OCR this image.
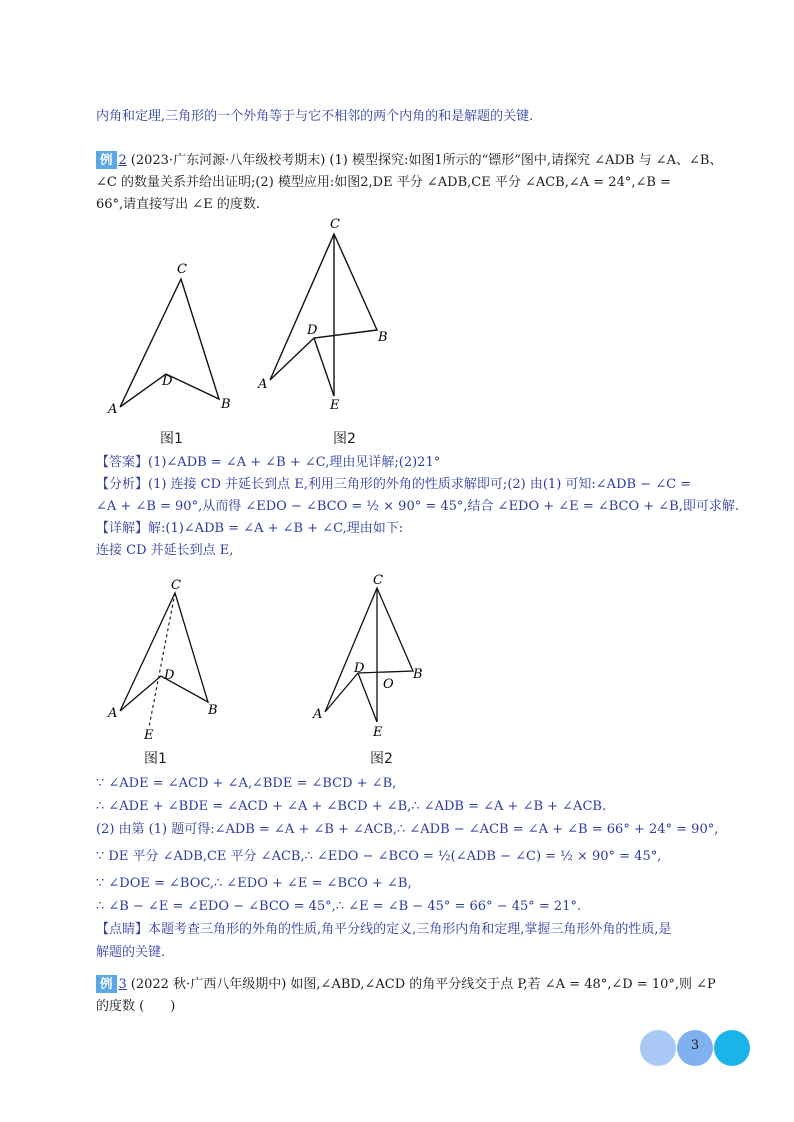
内角和定理,三角形的一个外角等于与它不相邻的两个内角的和是解题的关键.
例 2 (2023·广东河源·八年级校考期末) (1) 模型探究:如图1所示的“镖形”图中,请探究 ∠ADB 与 ∠A、∠B、
∠C 的数量关系并给出证明;(2) 模型应用:如图2,DE 平分 ∠ADB,CE 平分 ∠ACB,∠A = 24°,∠B =
66°,请直接写出 ∠E 的度数.
C
D
A	B
图1
C
D	B
A
E
图2
【答案】(1)∠ADB = ∠A + ∠B + ∠C,理由见详解;(2)21°
【分析】(1) 连接 CD 并延长到点 E,利用三角形的外角的性质求解即可;(2) 由(1) 可知:∠ADB − ∠C =
∠A + ∠B = 90°,从而得 ∠EDO − ∠BCO = ½ × 90° = 45°,结合 ∠EDO + ∠E = ∠BCO + ∠B,即可求解.
【详解】解:(1)∠ADB = ∠A + ∠B + ∠C,理由如下:
连接 CD 并延长到点 E,
C
D
A	B
E
图1
C
D
O
B
A
E
图2
∵ ∠ADE = ∠ACD + ∠A,∠BDE = ∠BCD + ∠B,
∴ ∠ADE + ∠BDE = ∠ACD + ∠A + ∠BCD + ∠B,∴ ∠ADB = ∠A + ∠B + ∠ACB.
(2) 由第 (1) 题可得:∠ADB = ∠A + ∠B + ∠ACB,∴ ∠ADB − ∠ACB = ∠A + ∠B = 66° + 24° = 90°,
∵ DE 平分 ∠ADB,CE 平分 ∠ACB,∴ ∠EDO − ∠BCO = ½(∠ADB − ∠C) = ½ × 90° = 45°,
∵ ∠DOE = ∠BOC,∴ ∠EDO + ∠E = ∠BCO + ∠B,
∴ ∠B − ∠E = ∠EDO − ∠BCO = 45°,∴ ∠E = ∠B − 45° = 66° − 45° = 21°.
【点睛】本题考查三角形的外角的性质,角平分线的定义,三角形内角和定理,掌握三角形外角的性质,是
解题的关键.
例 3 (2022 秋·广西八年级期中) 如图,∠ABD,∠ACD 的角平分线交于点 P,若 ∠A = 48°,∠D = 10°,则 ∠P
的度数 (　　)
3
